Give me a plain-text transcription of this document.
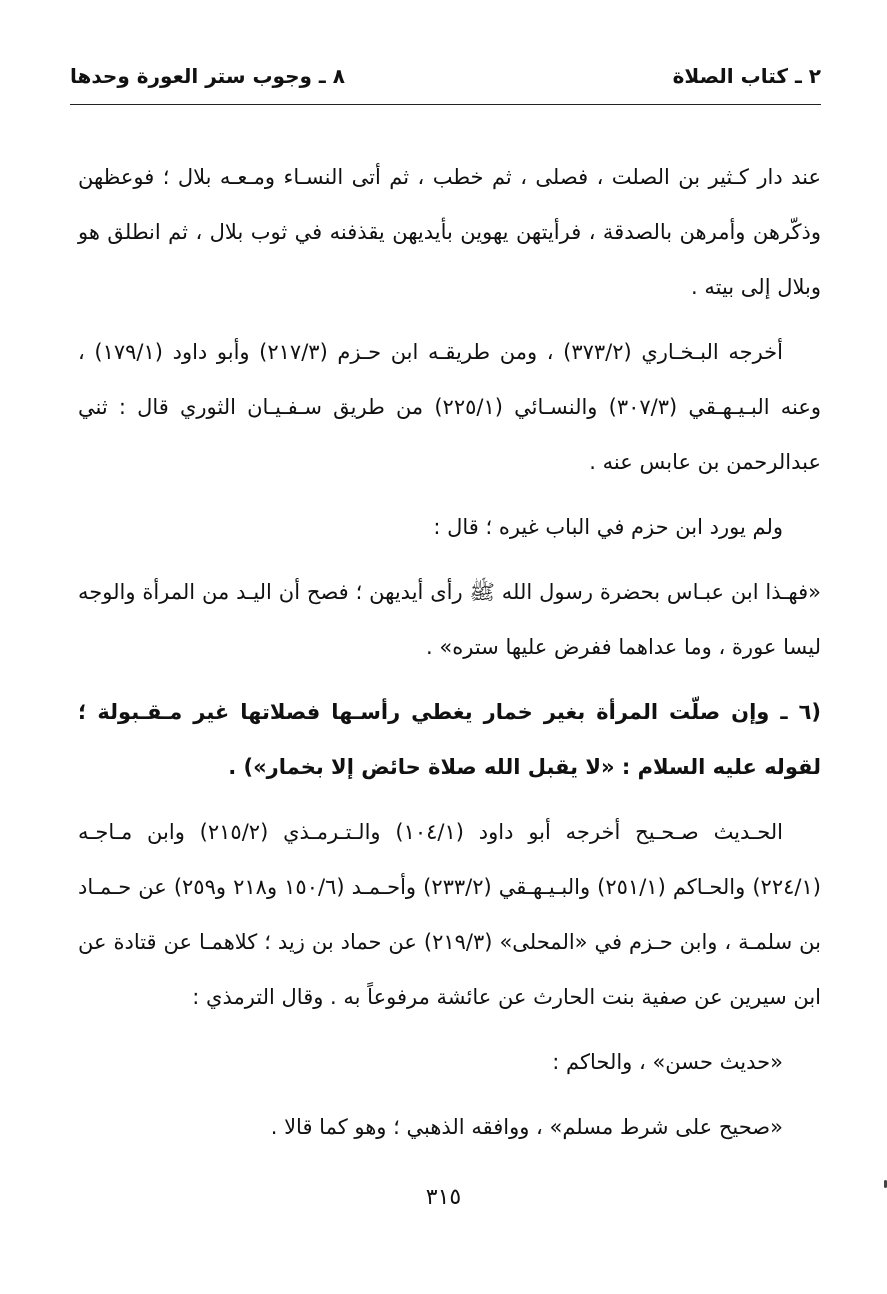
٢ ـ كتاب الصلاة
٨ ـ وجوب ستر العورة وحدها

عند دار كـثير بن الصلت ، فصلى ، ثم خطب ، ثم أتى النسـاء ومـعـه بلال ؛ فوعظهن وذكّرهن وأمرهن بالصدقة ، فرأيتهن يهوين بأيديهن يقذفنه في ثوب بلال ، ثم انطلق هو وبلال إلى بيته .

أخرجه البـخـاري (٣٧٣/٢) ، ومن طريقـه ابن حـزم (٢١٧/٣) وأبو داود (١٧٩/١) ، وعنه البـيـهـقي (٣٠٧/٣) والنسـائي (٢٢٥/١) من طريق سـفـيـان الثوري قال : ثني عبدالرحمن بن عابس عنه .

ولم يورد ابن حزم في الباب غيره ؛ قال :

«فهـذا ابن عبـاس بحضرة رسول الله ﷺ رأى أيديهن ؛ فصح أن اليـد من المرأة والوجه ليسا عورة ، وما عداهما ففرض عليها ستره» .

(٦ ـ وإن صلّت المرأة بغير خمار يغطي رأسـها فصلاتها غير مـقـبولة ؛ لقوله عليه السلام : «لا يقبل الله صلاة حائض إلا بخمار») .

الحـديث صـحـيح أخرجه أبو داود (١٠٤/١) والـتـرمـذي (٢١٥/٢) وابن مـاجـه (٢٢٤/١) والحـاكم (٢٥١/١) والبـيـهـقي (٢٣٣/٢) وأحـمـد (١٥٠/٦ و٢١٨ و٢٥٩) عن حـمـاد بن سلمـة ، وابن حـزم في «المحلى» (٢١٩/٣) عن حماد بن زيد ؛ كلاهمـا عن قتادة عن ابن سيرين عن صفية بنت الحارث عن عائشة مرفوعاً به . وقال الترمذي :

«حديث حسن» ، والحاكم :

«صحيح على شرط مسلم» ، ووافقه الذهبي ؛ وهو كما قالا .

٣١٥
